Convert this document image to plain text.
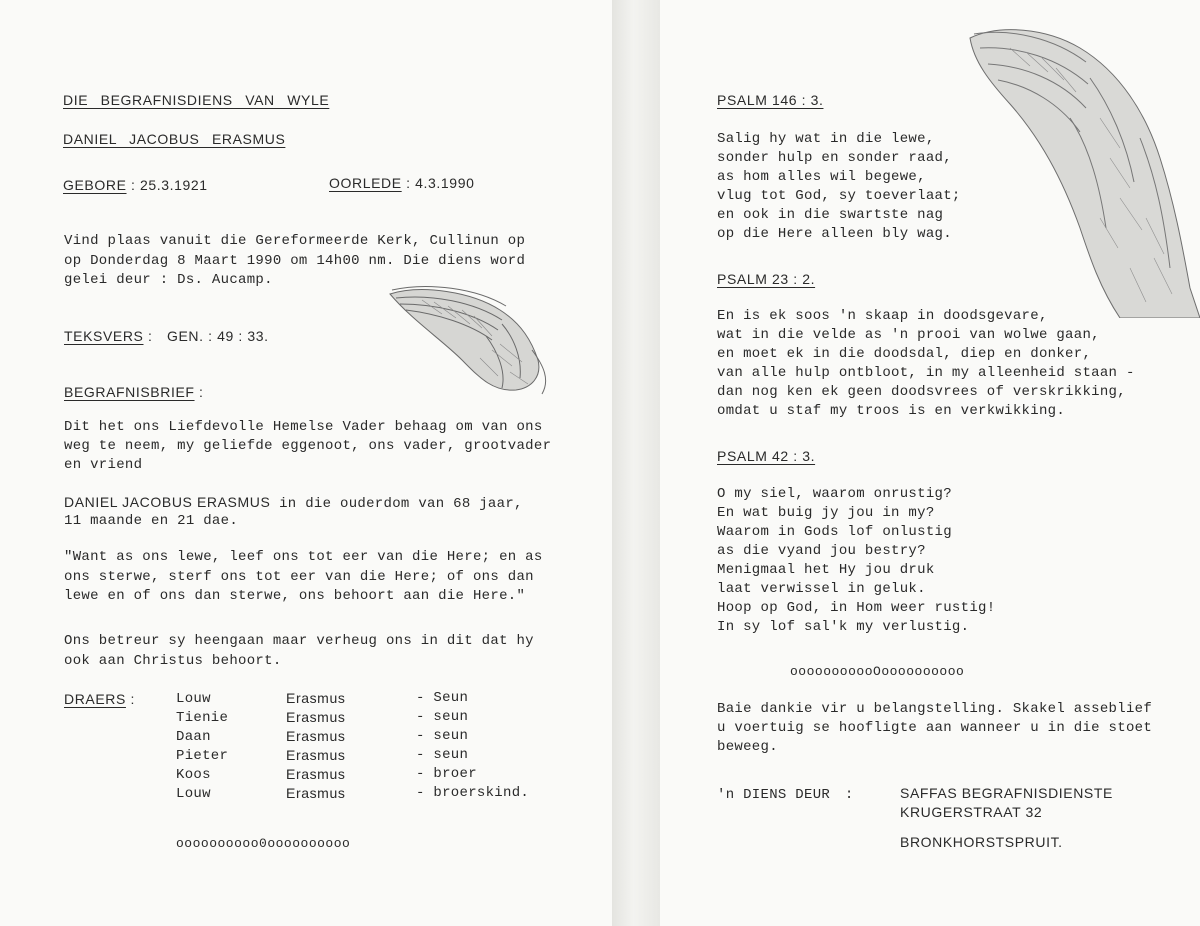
DIE BEGRAFNISDIENS VAN WYLE
DANIEL JACOBUS ERASMUS
GEBORE : 25.3.1921	OORLEDE : 4.3.1990
Vind plaas vanuit die Gereformeerde Kerk, Cullinun op
op Donderdag 8 Maart 1990 om 14h00 nm. Die diens word
gelei deur : Ds. Aucamp.
TEKSVERS : GEN. : 49 : 33.
BEGRAFNISBRIEF :
Dit het ons Liefdevolle Hemelse Vader behaag om van ons
weg te neem, my geliefde eggenoot, ons vader, grootvader
en vriend
DANIEL JACOBUS ERASMUS in die ouderdom van 68 jaar,
11 maande en 21 dae.
"Want as ons lewe, leef ons tot eer van die Here; en as
ons sterwe, sterf ons tot eer van die Here; of ons dan
lewe en of ons dan sterwe, ons behoort aan die Here."
Ons betreur sy heengaan maar verheug ons in dit dat hy
ook aan Christus behoort.
DRAERS :	Louw	Erasmus	- Seun
Tienie	Erasmus	- seun
Daan	Erasmus	- seun
Pieter	Erasmus	- seun
Koos	Erasmus	- broer
Louw	Erasmus	- broerskind.
oooooooooo0oooooooooo
PSALM 146 : 3.
Salig hy wat in die lewe,
sonder hulp en sonder raad,
as hom alles wil begewe,
vlug tot God, sy toeverlaat;
en ook in die swartste nag
op die Here alleen bly wag.
PSALM 23 : 2.
En is ek soos 'n skaap in doodsgevare,
wat in die velde as 'n prooi van wolwe gaan,
en moet ek in die doodsdal, diep en donker,
van alle hulp ontbloot, in my alleenheid staan -
dan nog ken ek geen doodsvrees of verskrikking,
omdat u staf my troos is en verkwikking.
PSALM 42 : 3.
O my siel, waarom onrustig?
En wat buig jy jou in my?
Waarom in Gods lof onlustig
as die vyand jou bestry?
Menigmaal het Hy jou druk
laat verwissel in geluk.
Hoop op God, in Hom weer rustig!
In sy lof sal'k my verlustig.
ooooooooooOoooooooooo
Baie dankie vir u belangstelling. Skakel asseblief
u voertuig se hoofligte aan wanneer u in die stoet
beweeg.
'n DIENS DEUR :	SAFFAS BEGRAFNISDIENSTE
KRUGERSTRAAT 32
BRONKHORSTSPRUIT.
